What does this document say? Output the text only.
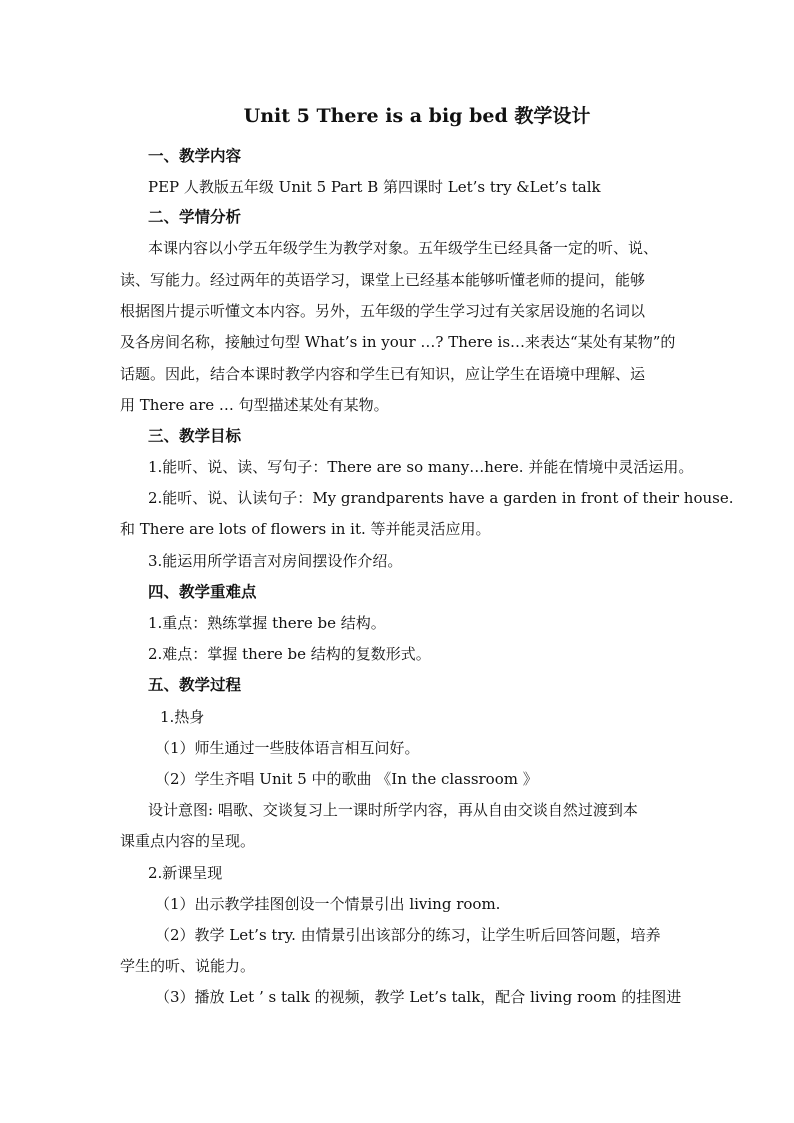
Unit 5 There is a big bed 教学设计
一、教学内容
PEP 人教版五年级 Unit 5 Part B 第四课时 Let’s try &Let’s talk
二、学情分析
本课内容以小学五年级学生为教学对象。五年级学生已经具备一定的听、说、
读、写能力。经过两年的英语学习，课堂上已经基本能够听懂老师的提问，能够
根据图片提示听懂文本内容。另外，五年级的学生学习过有关家居设施的名词以
及各房间名称，接触过句型 What’s in your …? There is…来表达“某处有某物”的
话题。因此，结合本课时教学内容和学生已有知识，应让学生在语境中理解、运
用 There are … 句型描述某处有某物。
三、教学目标
1.能听、说、读、写句子：There are so many…here. 并能在情境中灵活运用。
2.能听、说、认读句子：My grandparents have a garden in front of their house.
和 There are lots of flowers in it. 等并能灵活应用。
3.能运用所学语言对房间摆设作介绍。
四、教学重难点
1.重点：熟练掌握 there be 结构。
2.难点：掌握 there be 结构的复数形式。
五、教学过程
1.热身
（1）师生通过一些肢体语言相互问好。
（2）学生齐唱 Unit 5 中的歌曲 《In the classroom 》
设计意图: 唱歌、交谈复习上一课时所学内容，再从自由交谈自然过渡到本
课重点内容的呈现。
2.新课呈现
（1）出示教学挂图创设一个情景引出 living room.
（2）教学 Let’s try. 由情景引出该部分的练习，让学生听后回答问题，培养
学生的听、说能力。
（3）播放 Let ’ s talk 的视频，教学 Let’s talk，配合 living room 的挂图进
